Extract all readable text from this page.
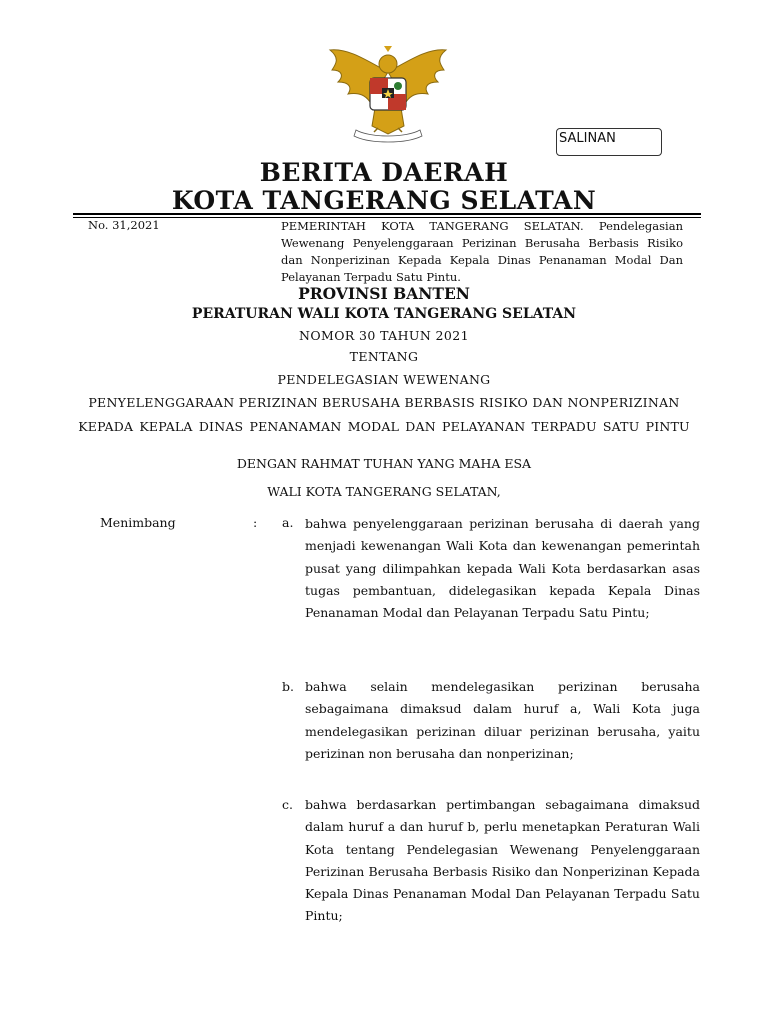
SALINAN
BERITA DAERAH
KOTA TANGERANG SELATAN
No. 31,2021	PEMERINTAH KOTA TANGERANG SELATAN. Pendelegasian Wewenang Penyelenggaraan Perizinan Berusaha Berbasis Risiko dan Nonperizinan Kepada Kepala Dinas Penanaman Modal Dan Pelayanan Terpadu Satu Pintu.
PROVINSI BANTEN
PERATURAN WALI KOTA TANGERANG SELATAN
NOMOR 30 TAHUN 2021
TENTANG
PENDELEGASIAN WEWENANG
PENYELENGGARAAN PERIZINAN BERUSAHA BERBASIS RISIKO DAN NONPERIZINAN
KEPADA KEPALA DINAS PENANAMAN MODAL DAN PELAYANAN TERPADU SATU PINTU
DENGAN RAHMAT TUHAN YANG MAHA ESA
WALI KOTA TANGERANG SELATAN,
Menimbang	: a. bahwa penyelenggaraan perizinan berusaha di daerah yang menjadi kewenangan Wali Kota dan kewenangan pemerintah pusat yang dilimpahkan kepada Wali Kota berdasarkan asas tugas pembantuan, didelegasikan kepada Kepala Dinas Penanaman Modal dan Pelayanan Terpadu Satu Pintu;
b. bahwa selain mendelegasikan perizinan berusaha sebagaimana dimaksud dalam huruf a, Wali Kota juga mendelegasikan perizinan diluar perizinan berusaha, yaitu perizinan non berusaha dan nonperizinan;
c. bahwa berdasarkan pertimbangan sebagaimana dimaksud dalam huruf a dan huruf b, perlu menetapkan Peraturan Wali Kota tentang Pendelegasian Wewenang Penyelenggaraan Perizinan Berusaha Berbasis Risiko dan Nonperizinan Kepada Kepala Dinas Penanaman Modal Dan Pelayanan Terpadu Satu Pintu;
